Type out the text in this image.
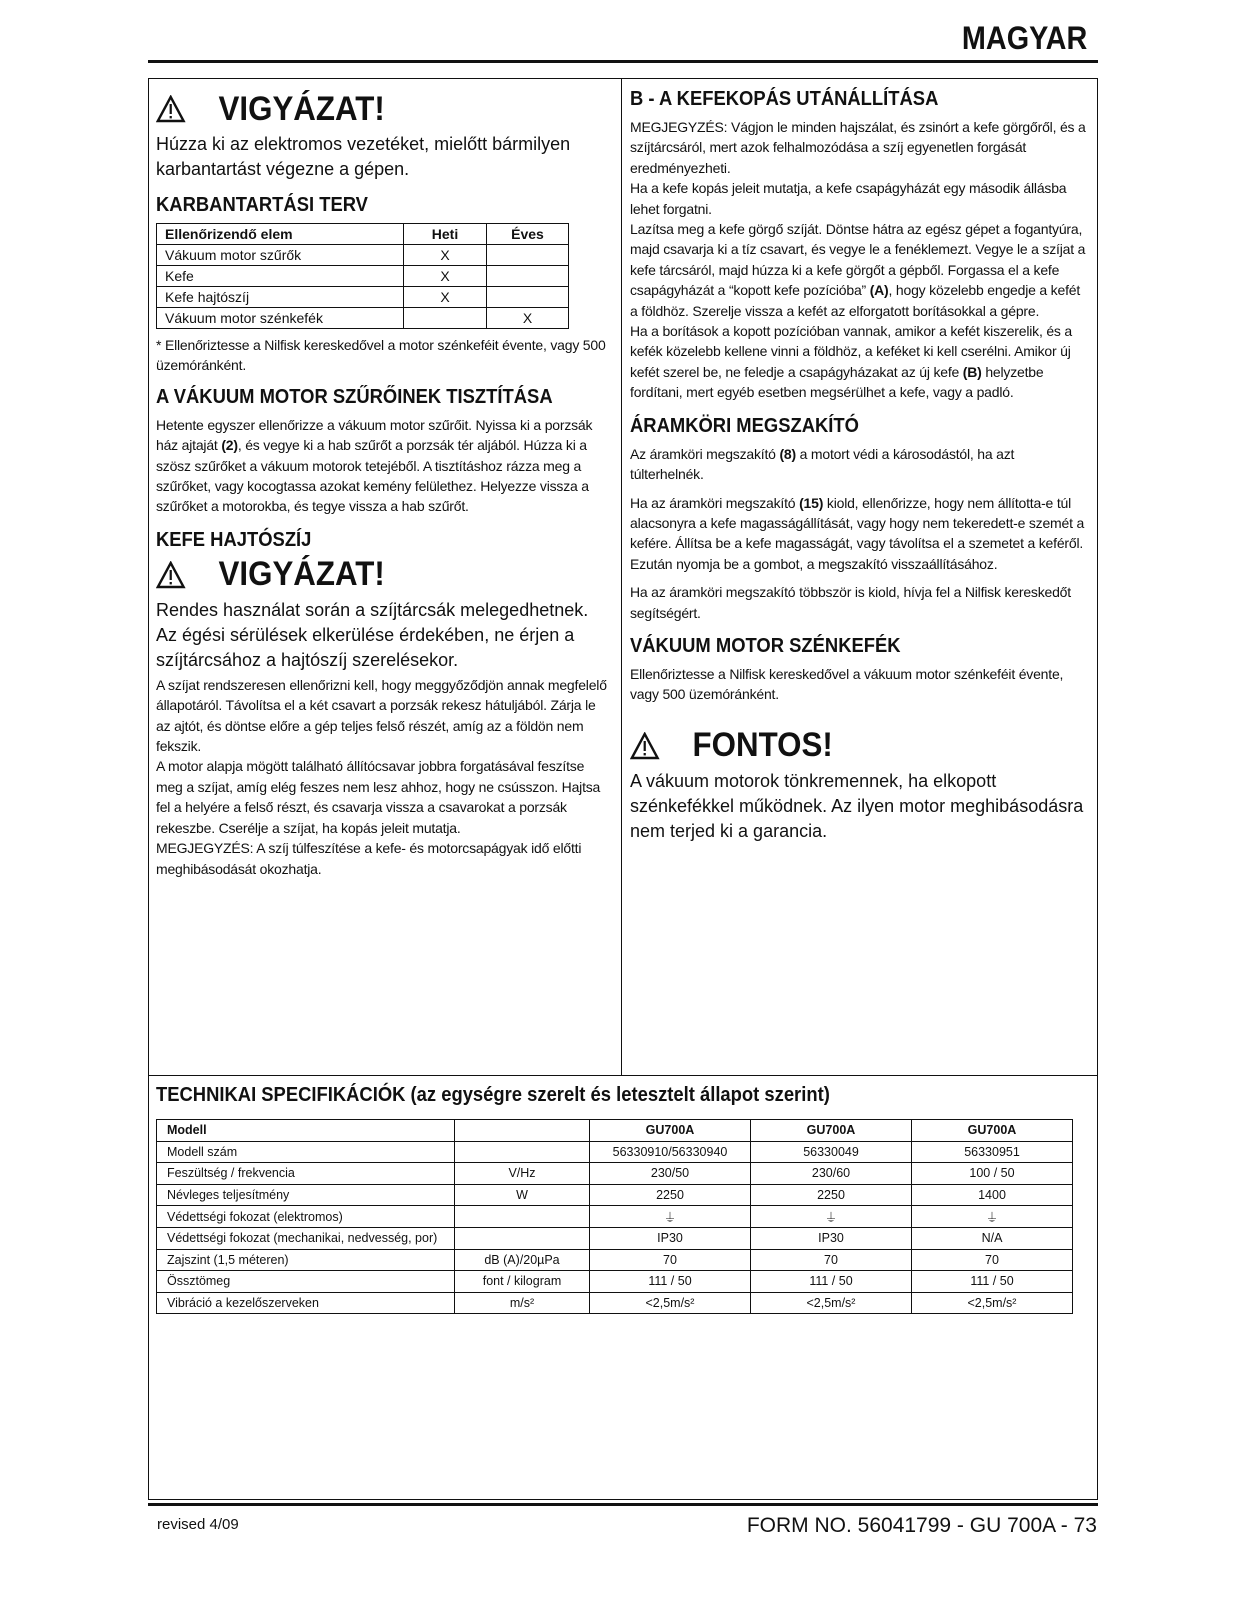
MAGYAR
VIGYÁZAT!
Húzza ki az elektromos vezetéket, mielőtt bármilyen karbantartást végezne a gépen.
KARBANTARTÁSI TERV
Ellenőrizendő elem	Heti	Éves
Vákuum motor szűrők	X	
Kefe	X	
Kefe hajtószíj	X	
Vákuum motor szénkefék		X
* Ellenőriztesse a Nilfisk kereskedővel a motor szénkeféit évente, vagy 500 üzemóránként.
A VÁKUUM MOTOR SZŰRŐINEK TISZTÍTÁSA
Hetente egyszer ellenőrizze a vákuum motor szűrőit. Nyissa ki a porzsák ház ajtaját (2), és vegye ki a hab szűrőt a porzsák tér aljából. Húzza ki a szösz szűrőket a vákuum motorok tetejéből. A tisztításhoz rázza meg a szűrőket, vagy kocogtassa azokat kemény felülethez. Helyezze vissza a szűrőket a motorokba, és tegye vissza a hab szűrőt.
KEFE HAJTÓSZÍJ
VIGYÁZAT!
Rendes használat során a szíjtárcsák melegedhetnek. Az égési sérülések elkerülése érdekében, ne érjen a szíjtárcsához a hajtószíj szerelésekor.
A szíjat rendszeresen ellenőrizni kell, hogy meggyőződjön annak megfelelő állapotáról. Távolítsa el a két csavart a porzsák rekesz hátuljából. Zárja le az ajtót, és döntse előre a gép teljes felső részét, amíg az a földön nem fekszik.
A motor alapja mögött található állítócsavar jobbra forgatásával feszítse meg a szíjat, amíg elég feszes nem lesz ahhoz, hogy ne csússzon. Hajtsa fel a helyére a felső részt, és csavarja vissza a csavarokat a porzsák rekeszbe. Cserélje a szíjat, ha kopás jeleit mutatja.
MEGJEGYZÉS: A szíj túlfeszítése a kefe- és motorcsapágyak idő előtti meghibásodását okozhatja.
B - A KEFEKOPÁS UTÁNÁLLÍTÁSA
MEGJEGYZÉS: Vágjon le minden hajszálat, és zsinórt a kefe görgőről, és a szíjtárcsáról, mert azok felhalmozódása a szíj egyenetlen forgását eredményezheti.
Ha a kefe kopás jeleit mutatja, a kefe csapágyházát egy második állásba lehet forgatni.
Lazítsa meg a kefe görgő szíját. Döntse hátra az egész gépet a fogantyúra, majd csavarja ki a tíz csavart, és vegye le a fenéklemezt. Vegye le a szíjat a kefe tárcsáról, majd húzza ki a kefe görgőt a gépből. Forgassa el a kefe csapágyházát a “kopott kefe pozícióba” (A), hogy közelebb engedje a kefét a földhöz. Szerelje vissza a kefét az elforgatott borításokkal a gépre.
Ha a borítások a kopott pozícióban vannak, amikor a kefét kiszerelik, és a kefék közelebb kellene vinni a földhöz, a keféket ki kell cserélni. Amikor új kefét szerel be, ne feledje a csapágyházakat az új kefe (B) helyzetbe fordítani, mert egyéb esetben megsérülhet a kefe, vagy a padló.
ÁRAMKÖRI MEGSZAKÍTÓ
Az áramköri megszakító (8) a motort védi a károsodástól, ha azt túlterhelnék.
Ha az áramköri megszakító (15) kiold, ellenőrizze, hogy nem állította-e túl alacsonyra a kefe magasságállítását, vagy hogy nem tekeredett-e szemét a kefére. Állítsa be a kefe magasságát, vagy távolítsa el a szemetet a keféről. Ezután nyomja be a gombot, a megszakító visszaállításához.
Ha az áramköri megszakító többször is kiold, hívja fel a Nilfisk kereskedőt segítségért.
VÁKUUM MOTOR SZÉNKEFÉK
Ellenőriztesse a Nilfisk kereskedővel a vákuum motor szénkeféit évente, vagy 500 üzemóránként.
FONTOS!
A vákuum motorok tönkremennek, ha elkopott szénkefékkel működnek. Az ilyen motor meghibásodásra nem terjed ki a garancia.
TECHNIKAI SPECIFIKÁCIÓK (az egységre szerelt és letesztelt állapot szerint)
Modell		GU700A	GU700A	GU700A
Modell szám		56330910/56330940	56330049	56330951
Feszültség / frekvencia	V/Hz	230/50	230/60	100 / 50
Névleges teljesítmény	W	2250	2250	1400
Védettségi fokozat (elektromos)		⏚	⏚	⏚
Védettségi fokozat (mechanikai, nedvesség, por)		IP30	IP30	N/A
Zajszint (1,5 méteren)	dB (A)/20µPa	70	70	70
Össztömeg	font / kilogram	111 / 50	111 / 50	111 / 50
Vibráció a kezelőszerveken	m/s²	<2,5m/s²	<2,5m/s²	<2,5m/s²
revised 4/09	FORM NO. 56041799 - GU 700A - 73
